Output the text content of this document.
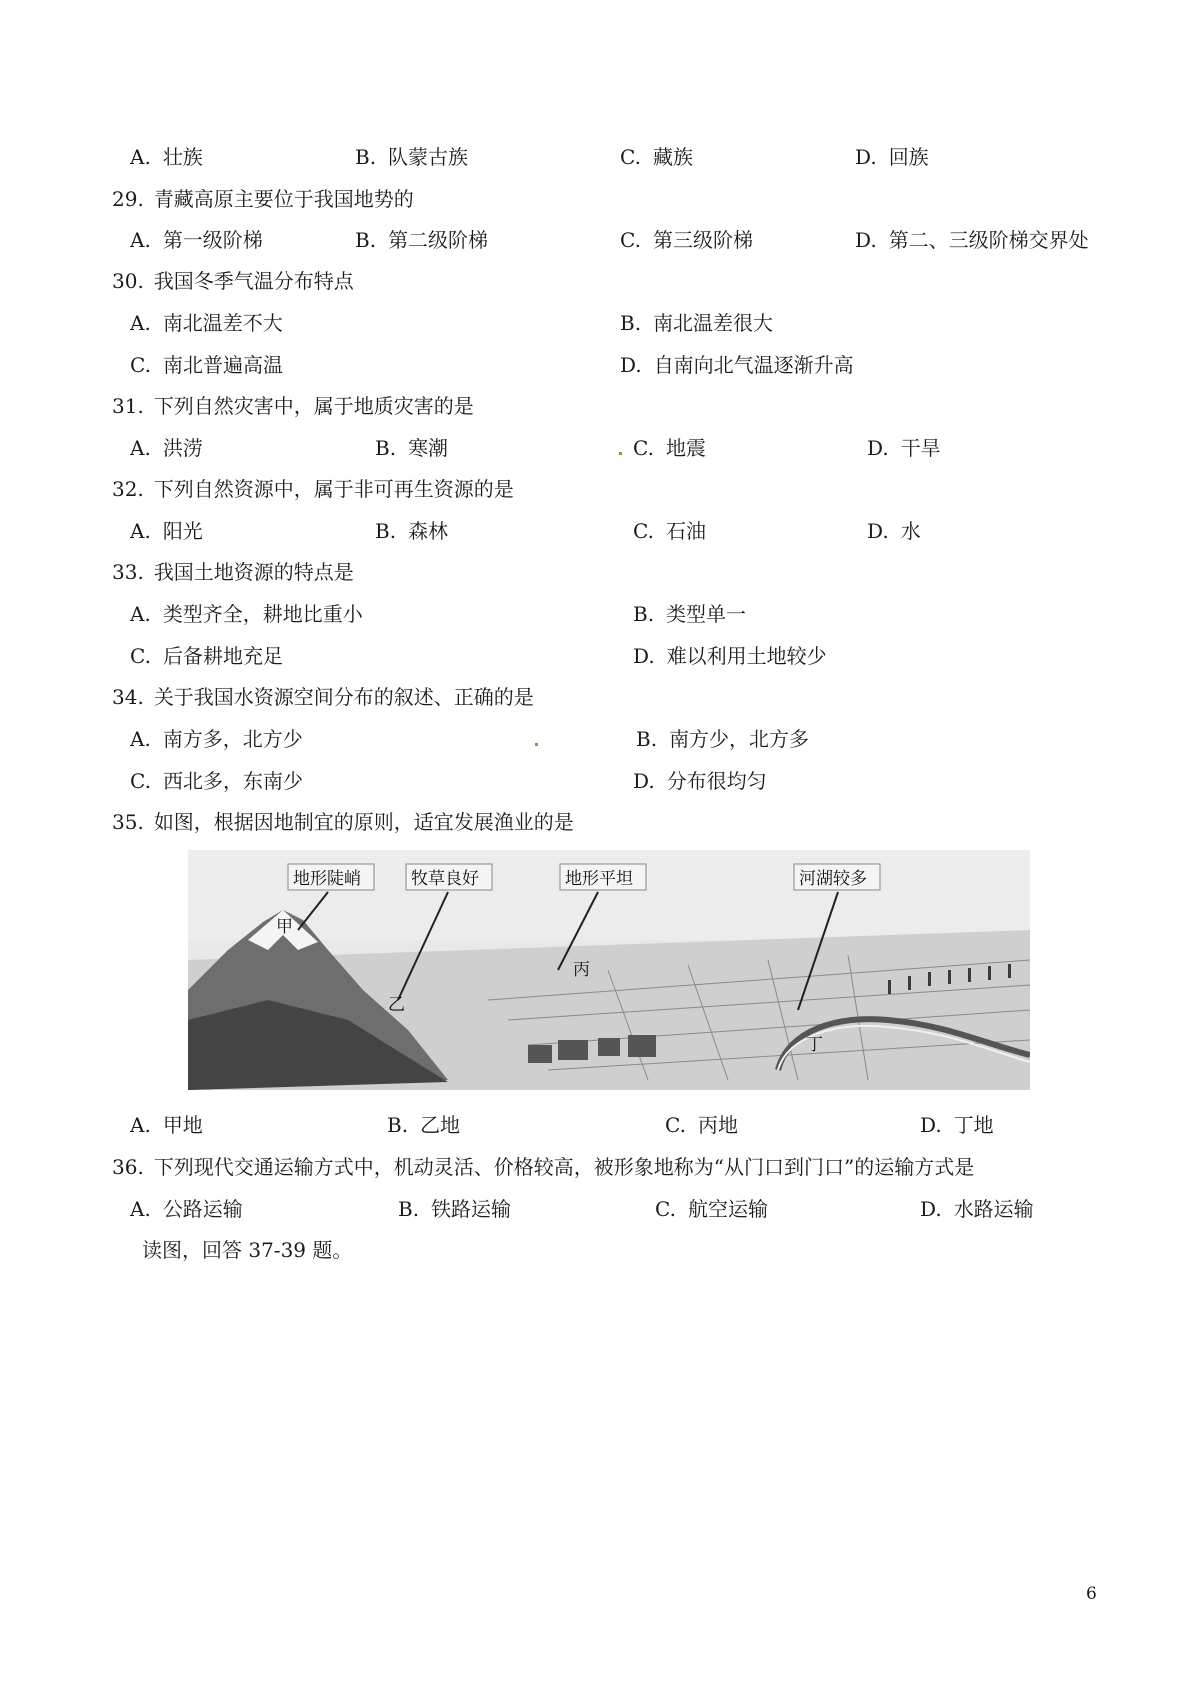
A. 壮族	B. 队蒙古族	C. 藏族	D. 回族
29. 青藏高原主要位于我国地势的
A. 第一级阶梯	B. 第二级阶梯	C. 第三级阶梯	D. 第二、三级阶梯交界处
30. 我国冬季气温分布特点
A. 南北温差不大	B. 南北温差很大
C. 南北普遍高温	D. 自南向北气温逐渐升高
31. 下列自然灾害中，属于地质灾害的是
A. 洪涝	B. 寒潮	C. 地震	D. 干旱
32. 下列自然资源中，属于非可再生资源的是
A. 阳光	B. 森林	C. 石油	D. 水
33. 我国土地资源的特点是
A. 类型齐全，耕地比重小	B. 类型单一
C. 后备耕地充足	D. 难以利用土地较少
34. 关于我国水资源空间分布的叙述、正确的是
A. 南方多，北方少	B. 南方少，北方多
C. 西北多，东南少	D. 分布很均匀
35. 如图，根据因地制宜的原则，适宜发展渔业的是
地形陡峭	牧草良好	地形平坦	河湖较多
甲
乙
丙
丁
A. 甲地	B. 乙地	C. 丙地	D. 丁地
36. 下列现代交通运输方式中，机动灵活、价格较高，被形象地称为“从门口到门口”的运输方式是
A. 公路运输	B. 铁路运输	C. 航空运输	D. 水路运输
读图，回答 37-39 题。
6
